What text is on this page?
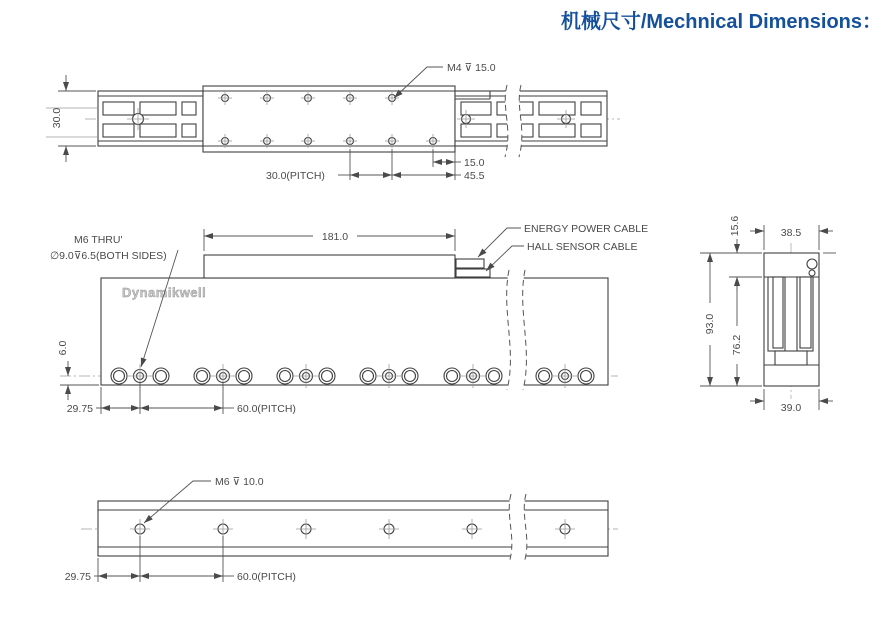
机械尺寸/Mechnical Dimensions：
30.0
M4 ⊽ 15.0
15.0
45.5
30.0(PITCH)
Dynamikwell
181.0
M6 THRU'
∅9.0⊽6.5(BOTH SIDES)
ENERGY POWER CABLE
HALL SENSOR CABLE
6.0
29.75	60.0(PITCH)
93.0
76.2
15.6	38.5
39.0
M6 ⊽ 10.0
29.75	60.0(PITCH)
